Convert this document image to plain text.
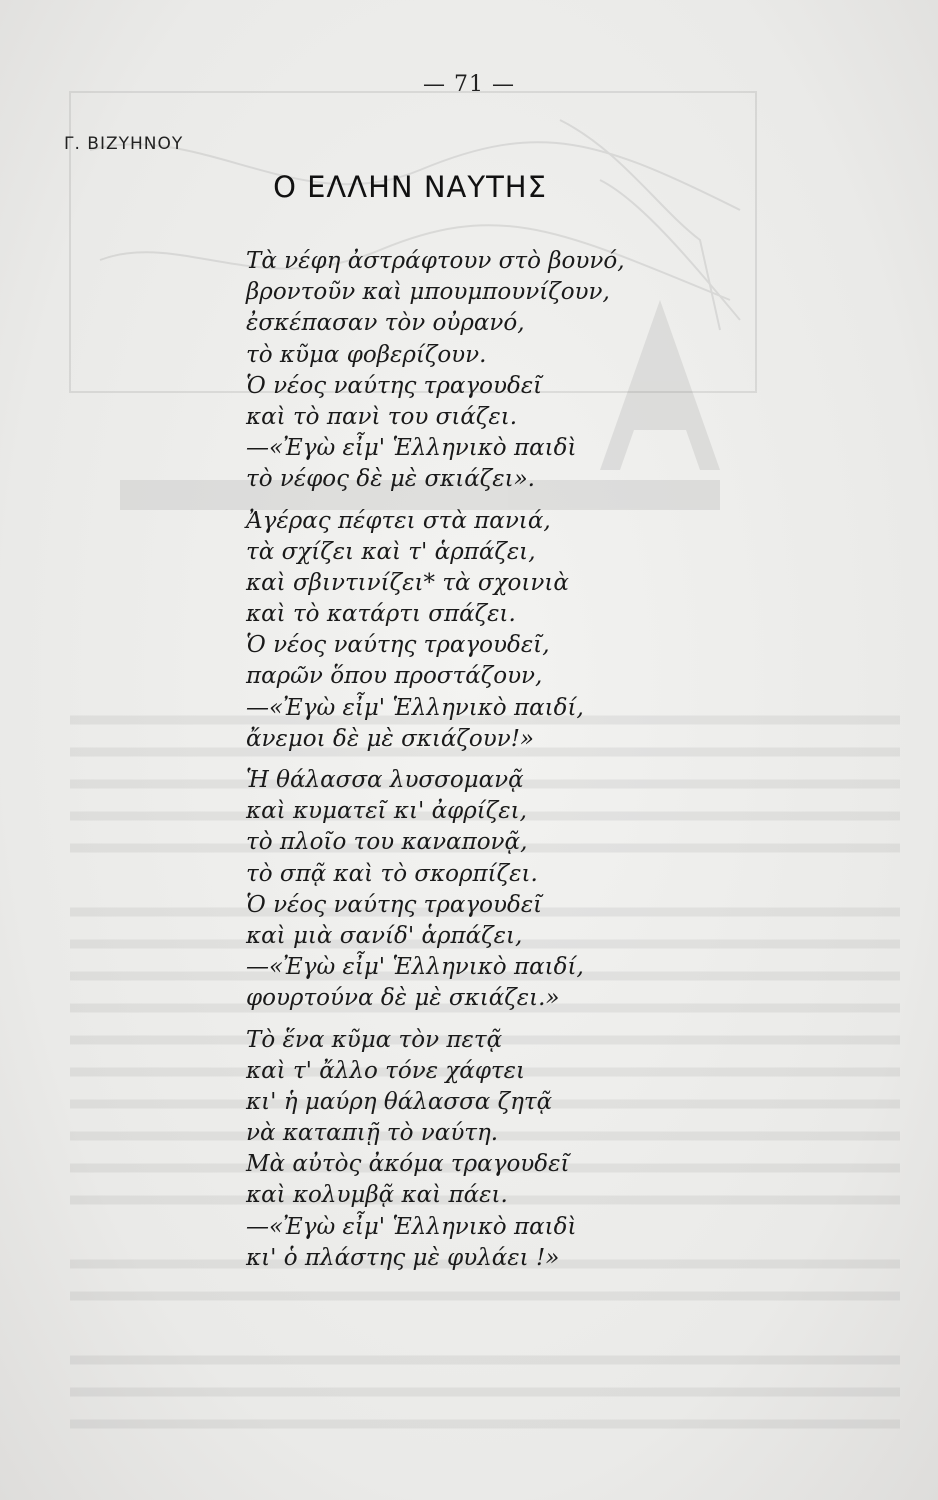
— 71 —
Γ. ΒΙΖΥΗΝΟΥ
Ο ΕΛΛΗΝ ΝΑΥΤΗΣ
Τὰ νέφη ἀστράφτουν στὸ βουνό,
βροντοῦν καὶ μπουμπουνίζουν,
ἐσκέπασαν τὸν οὐρανό,
τὸ κῦμα φοβερίζουν.
Ὁ νέος ναύτης τραγουδεῖ
καὶ τὸ πανὶ του σιάζει.
—«Ἐγὼ εἶμ' Ἑλληνικὸ παιδὶ
τὸ νέφος δὲ μὲ σκιάζει».
Ἀγέρας πέφτει στὰ πανιά,
τὰ σχίζει καὶ τ' ἁρπάζει,
καὶ σβιντινίζει* τὰ σχοινιὰ
καὶ τὸ κατάρτι σπάζει.
Ὁ νέος ναύτης τραγουδεῖ,
παρῶν ὅπου προστάζουν,
—«Ἐγὼ εἶμ' Ἑλληνικὸ παιδί,
ἄνεμοι δὲ μὲ σκιάζουν!»
Ἡ θάλασσα λυσσομανᾷ
καὶ κυματεῖ κι' ἀφρίζει,
τὸ πλοῖο του καναπονᾷ,
τὸ σπᾷ καὶ τὸ σκορπίζει.
Ὁ νέος ναύτης τραγουδεῖ
καὶ μιὰ σανίδ' ἁρπάζει,
—«Ἐγὼ εἶμ' Ἑλληνικὸ παιδί,
φουρτούνα δὲ μὲ σκιάζει.»
Τὸ ἕνα κῦμα τὸν πετᾷ
καὶ τ' ἄλλο τόνε χάφτει
κι' ἡ μαύρη θάλασσα ζητᾷ
νὰ καταπιῇ τὸ ναύτη.
Μὰ αὐτὸς ἀκόμα τραγουδεῖ
καὶ κολυμβᾷ καὶ πάει.
—«Ἐγὼ εἶμ' Ἑλληνικὸ παιδὶ
κι' ὁ πλάστης μὲ φυλάει !»
